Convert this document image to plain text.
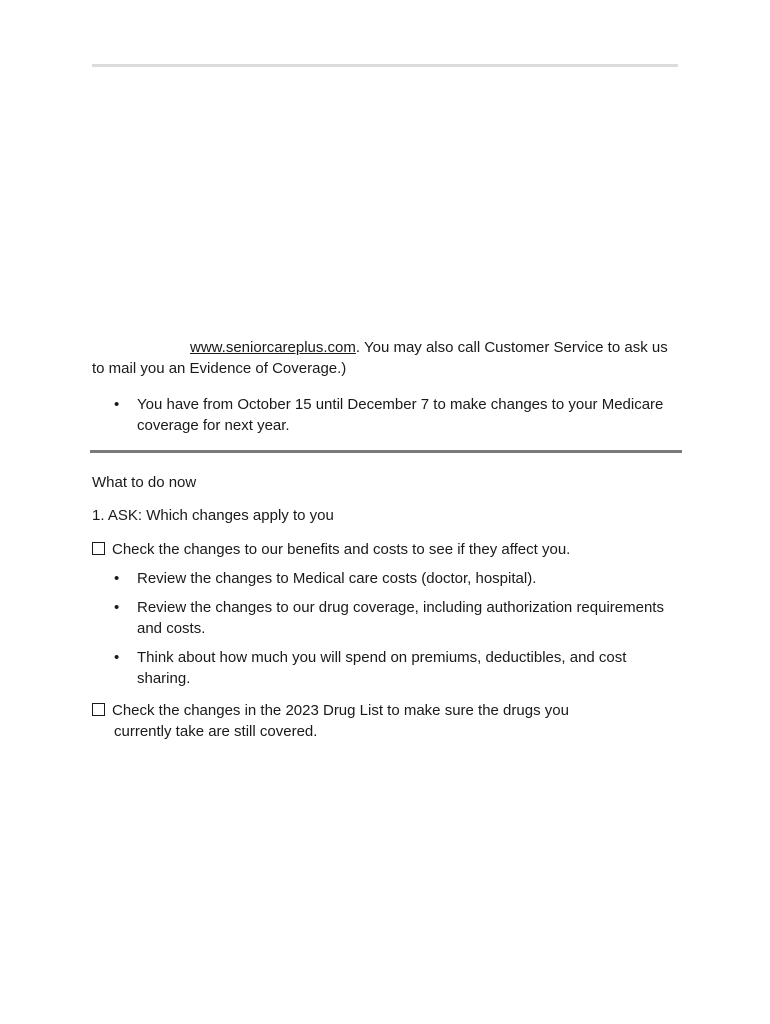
www.seniorcareplus.com. You may also call Customer Service to ask us
to mail you an Evidence of Coverage.)
• You have from October 15 until December 7 to make changes to your Medicare coverage for next year.
What to do now
1. ASK: Which changes apply to you
Check the changes to our benefits and costs to see if they affect you.
• Review the changes to Medical care costs (doctor, hospital).
• Review the changes to our drug coverage, including authorization requirements and costs.
• Think about how much you will spend on premiums, deductibles, and cost sharing.
Check the changes in the 2023 Drug List to make sure the drugs you
currently take are still covered.
